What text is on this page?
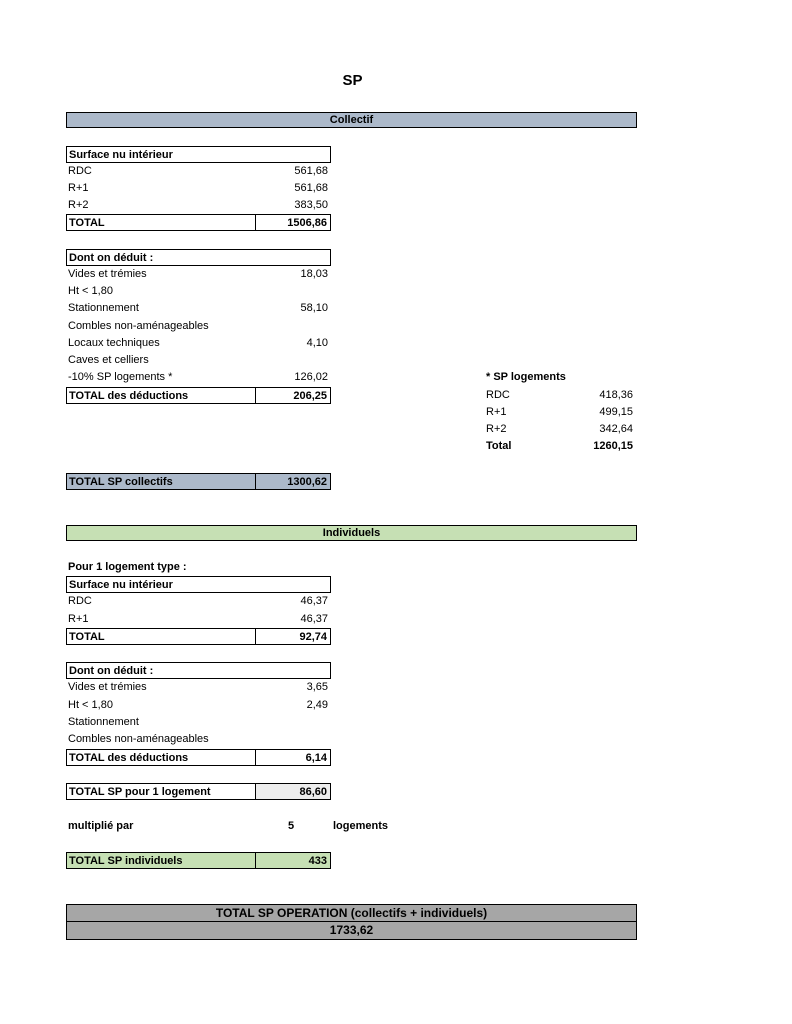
SP
Collectif
Surface nu intérieur
RDC	561,68
R+1	561,68
R+2	383,50
TOTAL	1506,86
Dont on déduit :
Vides et trémies	18,03
Ht < 1,80
Stationnement	58,10
Combles non-aménageables
Locaux techniques	4,10
Caves et celliers
-10% SP logements *	126,02
TOTAL des déductions	206,25
* SP logements
RDC	418,36
R+1	499,15
R+2	342,64
Total	1260,15
TOTAL SP collectifs	1300,62
Individuels
Pour 1 logement type :
Surface nu intérieur
RDC	46,37
R+1	46,37
TOTAL	92,74
Dont on déduit :
Vides et trémies	3,65
Ht < 1,80	2,49
Stationnement
Combles non-aménageables
TOTAL des déductions	6,14
TOTAL SP pour 1 logement	86,60
multiplié par	5	logements
TOTAL SP individuels	433
TOTAL SP OPERATION (collectifs + individuels)
1733,62
